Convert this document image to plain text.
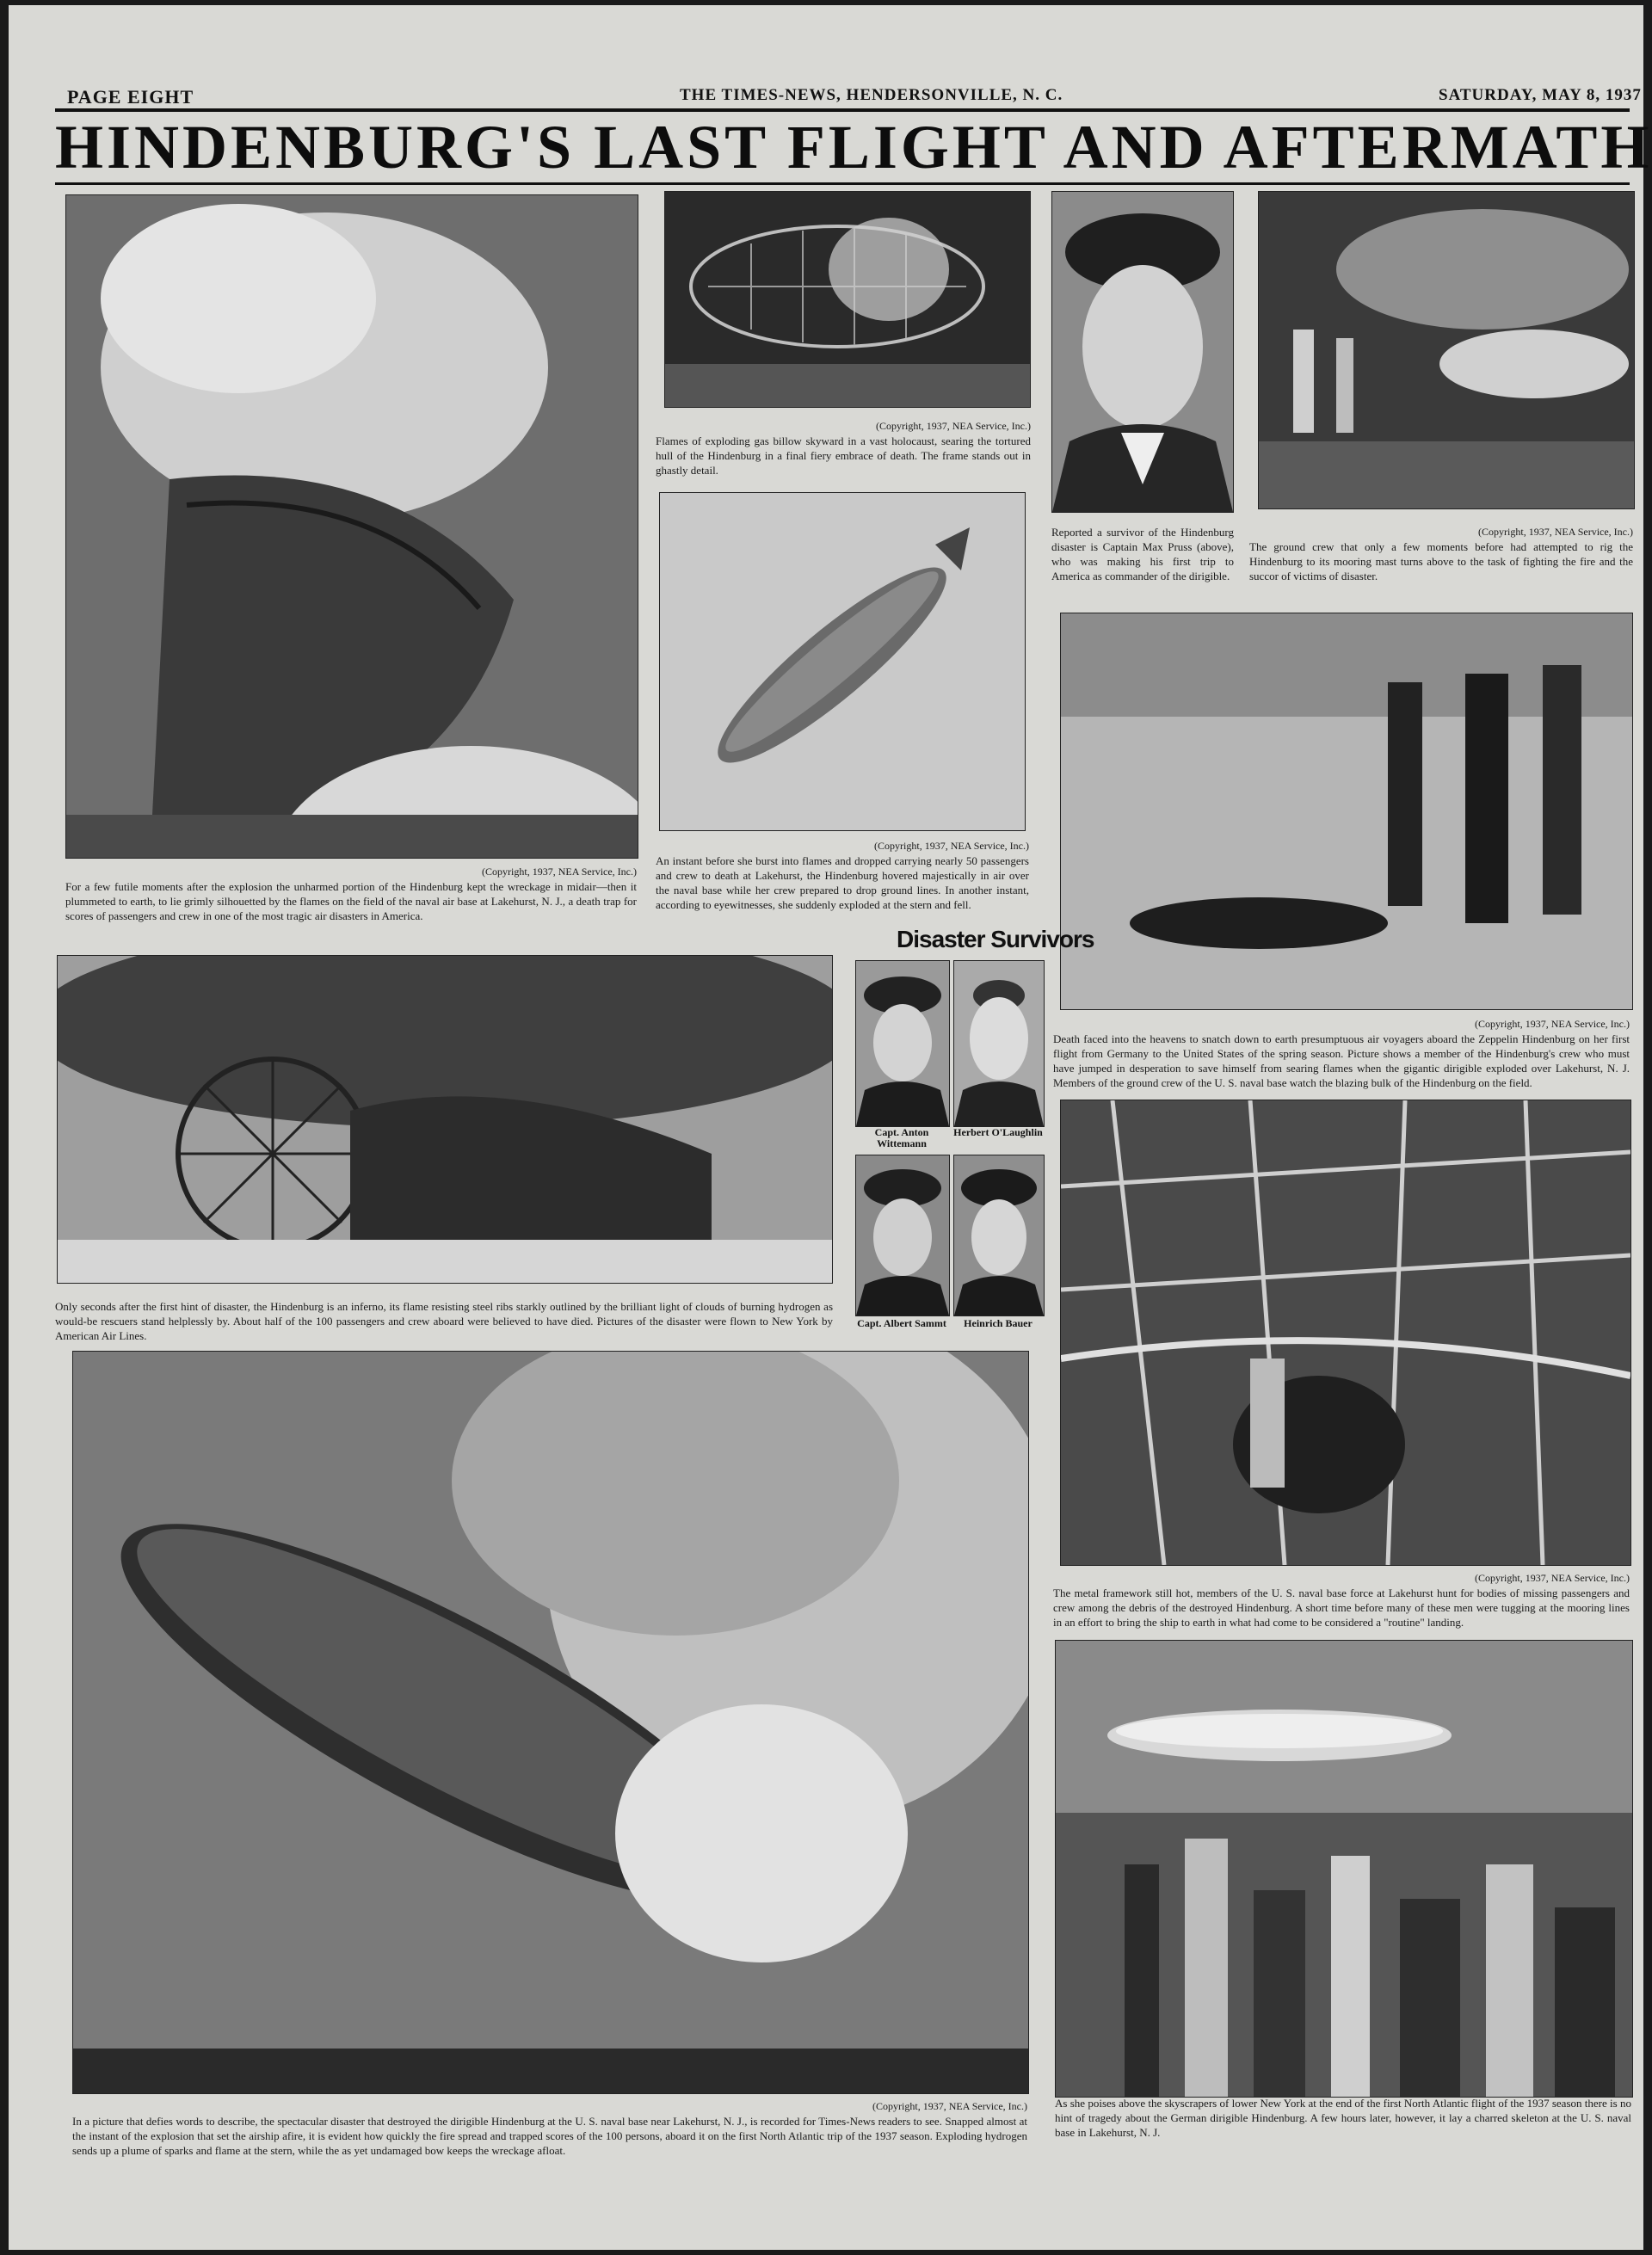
PAGE EIGHT	THE TIMES-NEWS, HENDERSONVILLE, N. C.	SATURDAY, MAY 8, 1937
HINDENBURG'S LAST FLIGHT AND AFTERMATH
(Copyright, 1937, NEA Service, Inc.)
For a few futile moments after the explosion the unharmed portion of the Hindenburg kept the wreckage in midair—then it plummeted to earth, to lie grimly silhouetted by the flames on the field of the naval air base at Lakehurst, N. J., a death trap for scores of passengers and crew in one of the most tragic air disasters in America.
(Copyright, 1937, NEA Service, Inc.)
Flames of exploding gas billow skyward in a vast holocaust, searing the tortured hull of the Hindenburg in a final fiery embrace of death. The frame stands out in ghastly detail.
(Copyright, 1937, NEA Service, Inc.)
An instant before she burst into flames and dropped carrying nearly 50 passengers and crew to death at Lakehurst, the Hindenburg hovered majestically in air over the naval base while her crew prepared to drop ground lines. In another instant, according to eyewitnesses, she suddenly exploded at the stern and fell.
Reported a survivor of the Hindenburg disaster is Captain Max Pruss (above), who was making his first trip to America as commander of the dirigible.
(Copyright, 1937, NEA Service, Inc.)
The ground crew that only a few moments before had attempted to rig the Hindenburg to its mooring mast turns above to the task of fighting the fire and the succor of victims of disaster.
(Copyright, 1937, NEA Service, Inc.)
Death faced into the heavens to snatch down to earth presumptuous air voyagers aboard the Zeppelin Hindenburg on her first flight from Germany to the United States of the spring season. Picture shows a member of the Hindenburg's crew who must have jumped in desperation to save himself from searing flames when the gigantic dirigible exploded over Lakehurst, N. J. Members of the ground crew of the U. S. naval base watch the blazing bulk of the Hindenburg on the field.
Only seconds after the first hint of disaster, the Hindenburg is an inferno, its flame resisting steel ribs starkly outlined by the brilliant light of clouds of burning hydrogen as would-be rescuers stand helplessly by. About half of the 100 passengers and crew aboard were believed to have died. Pictures of the disaster were flown to New York by American Air Lines.
Disaster Survivors
Capt. Anton Wittemann
Herbert O'Laughlin
Capt. Albert Sammt	Heinrich Bauer
(Copyright, 1937, NEA Service, Inc.)
The metal framework still hot, members of the U. S. naval base force at Lakehurst hunt for bodies of missing passengers and crew among the debris of the destroyed Hindenburg. A short time before many of these men were tugging at the mooring lines in an effort to bring the ship to earth in what had come to be considered a "routine" landing.
(Copyright, 1937, NEA Service, Inc.)
In a picture that defies words to describe, the spectacular disaster that destroyed the dirigible Hindenburg at the U. S. naval base near Lakehurst, N. J., is recorded for Times-News readers to see. Snapped almost at the instant of the explosion that set the airship afire, it is evident how quickly the fire spread and trapped scores of the 100 persons, aboard it on the first North Atlantic trip of the 1937 season. Exploding hydrogen sends up a plume of sparks and flame at the stern, while the as yet undamaged bow keeps the wreckage afloat.
As she poises above the skyscrapers of lower New York at the end of the first North Atlantic flight of the 1937 season there is no hint of tragedy about the German dirigible Hindenburg. A few hours later, however, it lay a charred skeleton at the U. S. naval base in Lakehurst, N. J.
